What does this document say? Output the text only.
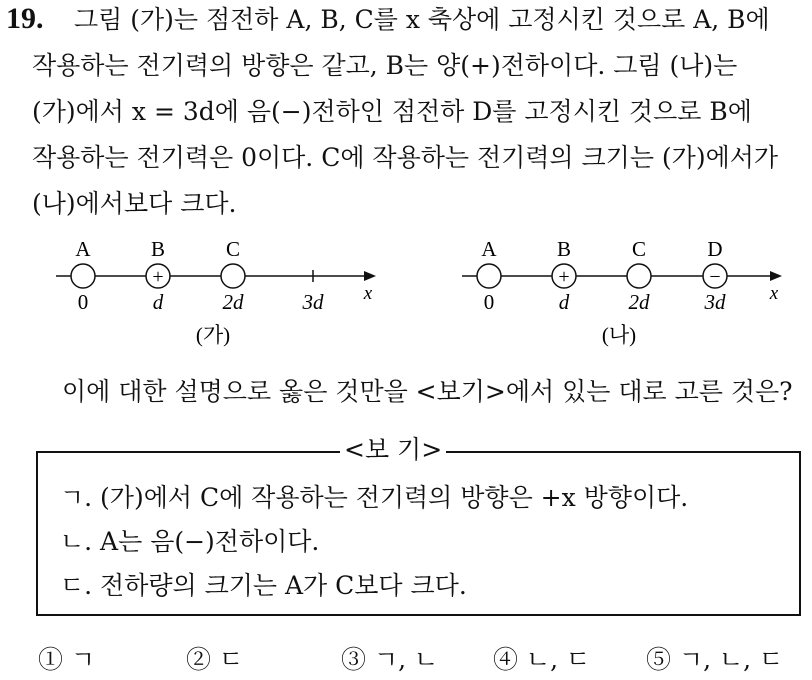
19. 그림 (가)는 점전하 A, B, C를 x 축상에 고정시킨 것으로 A, B에
작용하는 전기력의 방향은 같고, B는 양(+)전하이다. 그림 (나)는
(가)에서 x = 3d에 음(−)전하인 점전하 D를 고정시킨 것으로 B에
작용하는 전기력은 0이다. C에 작용하는 전기력의 크기는 (가)에서가
(나)에서보다 크다.
+
A	B	C
0	d	2d	3d x
(가)
+	−
A	B	C	D
0	d	2d	3d x
(나)
이에 대한 설명으로 옳은 것만을 <보기>에서 있는 대로 고른 것은?
<보 기>
ㄱ. (가)에서 C에 작용하는 전기력의 방향은 +x 방향이다.
ㄴ. A는 음(−)전하이다.
ㄷ. 전하량의 크기는 A가 C보다 크다.
① ㄱ	② ㄷ	③ ㄱ, ㄴ ④ ㄴ, ㄷ ⑤ ㄱ, ㄴ, ㄷ
